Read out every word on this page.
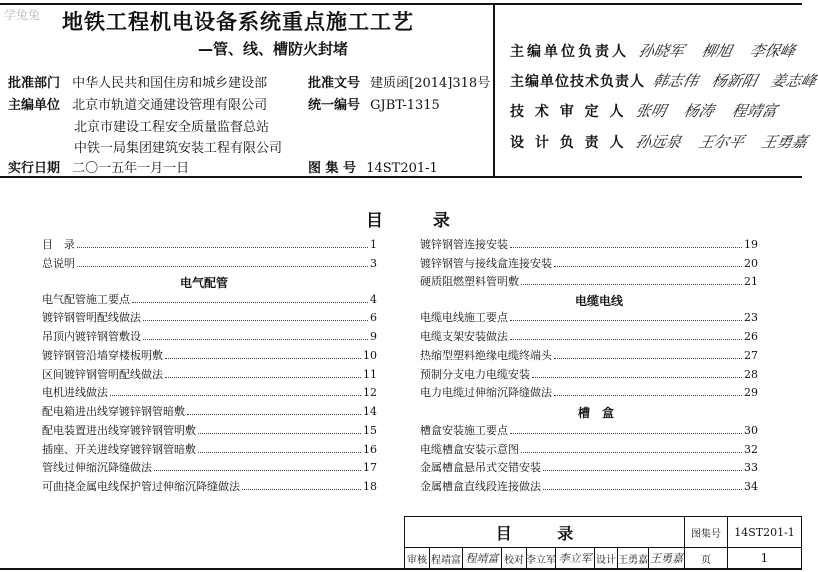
学兔兔 地铁工程机电设备系统重点施工工艺
—管、线、槽防火封堵
批准部门 中华人民共和国住房和城乡建设部	批准文号 建质函[2014]318号
主编单位 北京市轨道交通建设管理有限公司	统一编号 GJBT-1315
北京市建设工程安全质量监督总站
中铁一局集团建筑安装工程有限公司
实行日期 二〇一五年一月一日	图 集 号 14ST201-1
主编单位负责人 孙晓军 柳旭 李保峰
主编单位技术负责人 韩志伟 杨新阳 姜志峰
技 术 审 定 人 张明 杨涛 程靖富
设 计 负 责 人 孙远泉 王尔平 王勇嘉
目 录
目　录	1
总说明	3
电气配管
电气配管施工要点	4
镀锌钢管明配线做法	6
吊顶内镀锌钢管敷设	9
镀锌钢管沿墙穿楼板明敷	10
区间镀锌钢管明配线做法	11
电机进线做法	12
配电箱进出线穿镀锌钢管暗敷	14
配电装置进出线穿镀锌钢管明敷	15
插座、开关进线穿镀锌钢管暗敷	16
管线过伸缩沉降缝做法	17
可曲挠金属电线保护管过伸缩沉降缝做法	18
镀锌钢管连接安装	19
镀锌钢管与接线盒连接安装	20
硬质阻燃塑料管明敷	21
电缆电线
电缆电线施工要点	23
电缆支架安装做法	26
热缩型塑料绝缘电缆终端头	27
预制分支电力电缆安装	28
电力电缆过伸缩沉降缝做法	29
槽　盒
槽盒安装施工要点	30
电缆槽盒安装示意图	32
金属槽盒悬吊式交错安装	33
金属槽盒直线段连接做法	34
目 录	图集号	14ST201-1
审核 程靖富 程靖富 校对 李立军 李立军 设计 王勇嘉 王勇嘉	页	1
